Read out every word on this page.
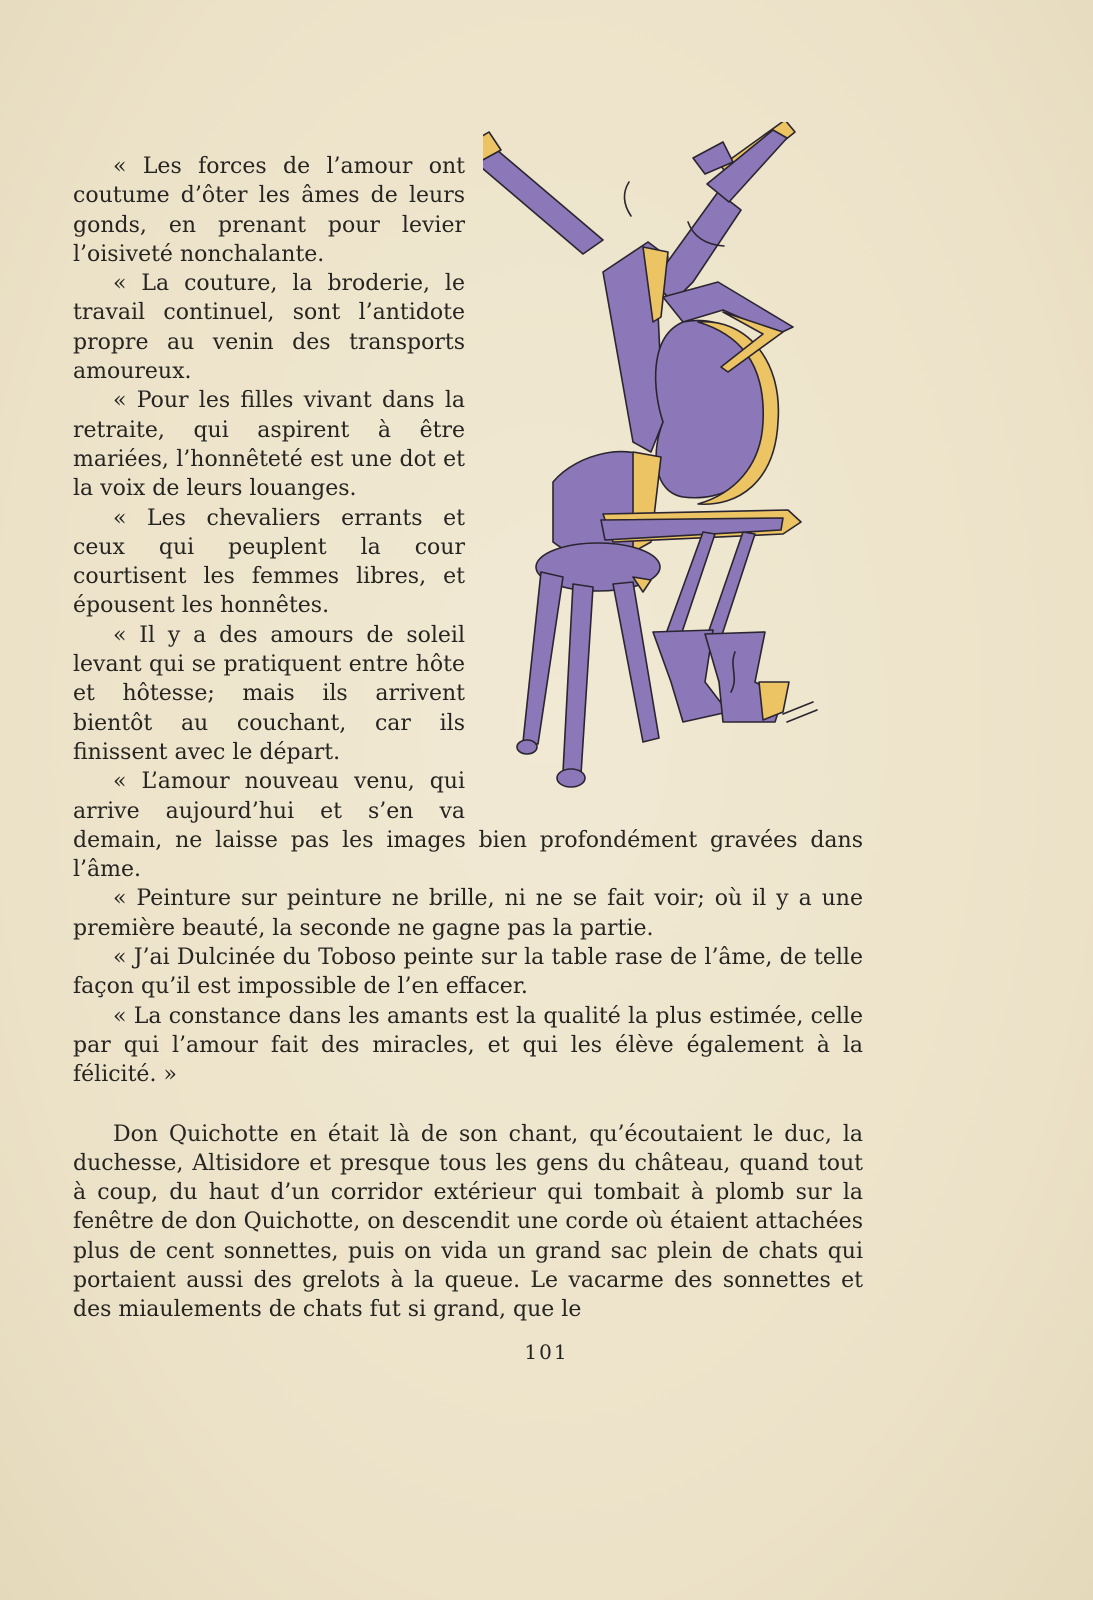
« Les forces de l’amour ont coutume d’ôter les âmes de leurs gonds, en prenant pour levier l’oisiveté nonchalante.

« La couture, la broderie, le travail continuel, sont l’antidote propre au venin des transports amoureux.

« Pour les filles vivant dans la retraite, qui aspirent à être mariées, l’honnêteté est une dot et la voix de leurs louanges.

« Les chevaliers errants et ceux qui peuplent la cour courtisent les femmes libres, et épousent les honnêtes.

« Il y a des amours de soleil levant qui se pratiquent entre hôte et hôtesse; mais ils arrivent bientôt au couchant, car ils finissent avec le départ.

« L’amour nouveau venu, qui arrive aujourd’hui et s’en va demain, ne laisse pas les images bien profondément gravées dans l’âme.

« Peinture sur peinture ne brille, ni ne se fait voir; où il y a une première beauté, la seconde ne gagne pas la partie.

« J’ai Dulcinée du Toboso peinte sur la table rase de l’âme, de telle façon qu’il est impossible de l’en effacer.

« La constance dans les amants est la qualité la plus estimée, celle par qui l’amour fait des miracles, et qui les élève également à la félicité. »

Don Quichotte en était là de son chant, qu’écoutaient le duc, la duchesse, Altisidore et presque tous les gens du château, quand tout à coup, du haut d’un corridor extérieur qui tombait à plomb sur la fenêtre de don Quichotte, on descendit une corde où étaient attachées plus de cent sonnettes, puis on vida un grand sac plein de chats qui portaient aussi des grelots à la queue. Le vacarme des sonnettes et des miaulements de chats fut si grand, que le

101
